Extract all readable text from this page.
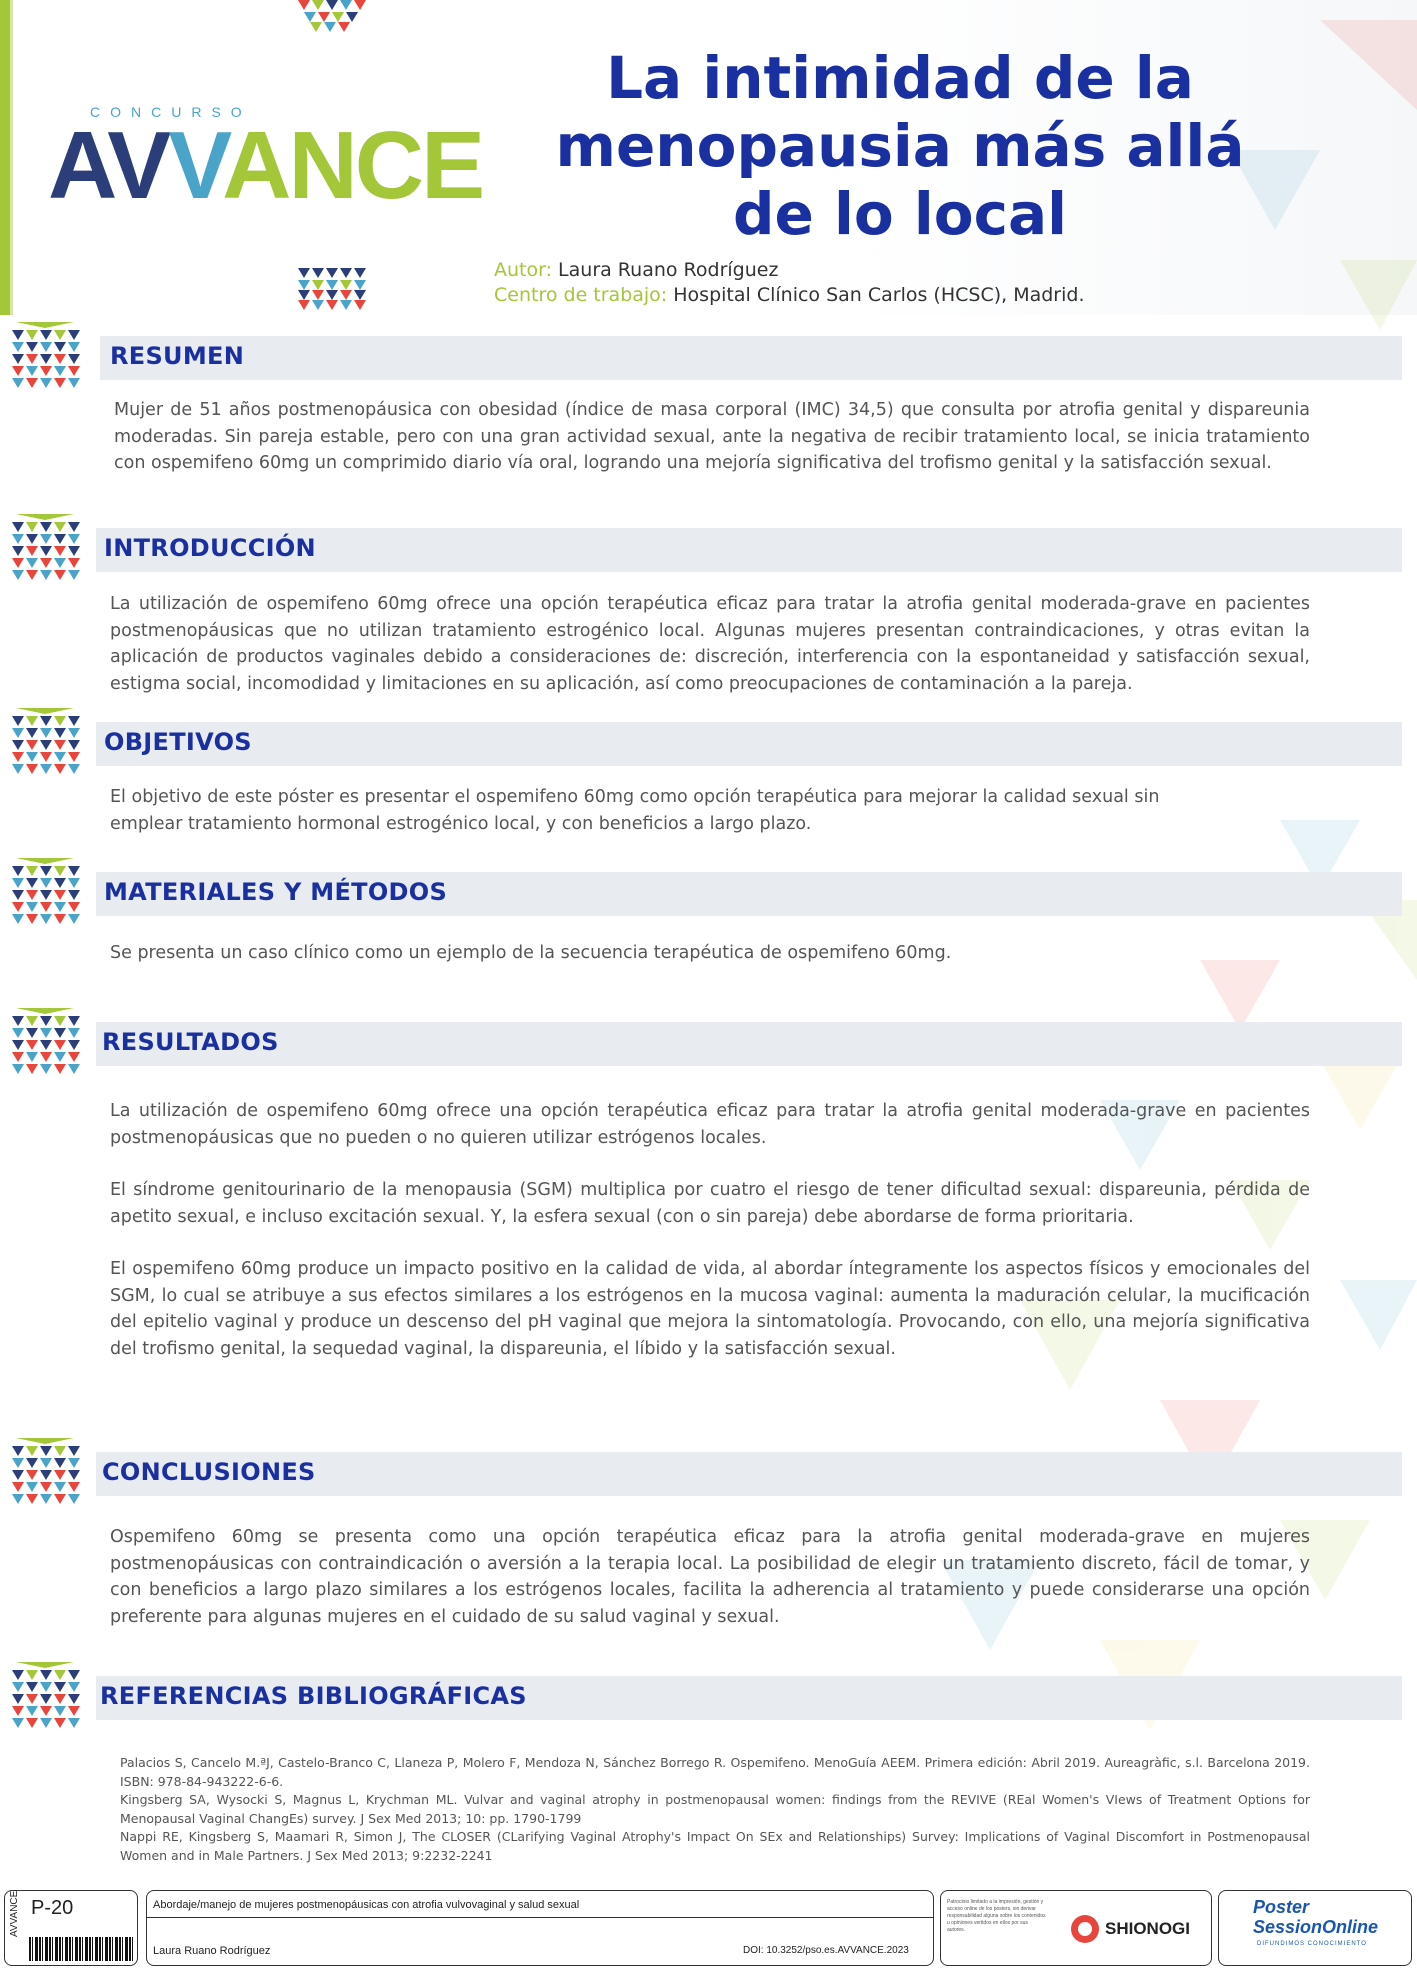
CONCURSO
AVVANCE
La intimidad de la menopausia más allá de lo local
Autor: Laura Ruano Rodríguez
Centro de trabajo: Hospital Clínico San Carlos (HCSC), Madrid.
RESUMEN
Mujer de 51 años postmenopáusica con obesidad (índice de masa corporal (IMC) 34,5) que consulta por atrofia genital y dispareunia moderadas. Sin pareja estable, pero con una gran actividad sexual, ante la negativa de recibir tratamiento local, se inicia tratamiento con ospemifeno 60mg un comprimido diario vía oral, logrando una mejoría significativa del trofismo genital y la satisfacción sexual.
INTRODUCCIÓN
La utilización de ospemifeno 60mg ofrece una opción terapéutica eficaz para tratar la atrofia genital moderada-grave en pacientes postmenopáusicas que no utilizan tratamiento estrogénico local. Algunas mujeres presentan contraindicaciones, y otras evitan la aplicación de productos vaginales debido a consideraciones de: discreción, interferencia con la espontaneidad y satisfacción sexual, estigma social, incomodidad y limitaciones en su aplicación, así como preocupaciones de contaminación a la pareja.
OBJETIVOS
El objetivo de este póster es presentar el ospemifeno 60mg como opción terapéutica para mejorar la calidad sexual sin
emplear tratamiento hormonal estrogénico local, y con beneficios a largo plazo.
MATERIALES Y MÉTODOS
Se presenta un caso clínico como un ejemplo de la secuencia terapéutica de ospemifeno 60mg.
RESULTADOS

La utilización de ospemifeno 60mg ofrece una opción terapéutica eficaz para tratar la atrofia genital moderada-grave en pacientes postmenopáusicas que no pueden o no quieren utilizar estrógenos locales.

El síndrome genitourinario de la menopausia (SGM) multiplica por cuatro el riesgo de tener dificultad sexual: dispareunia, pérdida de apetito sexual, e incluso excitación sexual. Y, la esfera sexual (con o sin pareja) debe abordarse de forma prioritaria.

El ospemifeno 60mg produce un impacto positivo en la calidad de vida, al abordar íntegramente los aspectos físicos y emocionales del SGM, lo cual se atribuye a sus efectos similares a los estrógenos en la mucosa vaginal: aumenta la maduración celular, la mucificación del epitelio vaginal y produce un descenso del pH vaginal que mejora la sintomatología. Provocando, con ello, una mejoría significativa del trofismo genital, la sequedad vaginal, la dispareunia, el líbido y la satisfacción sexual.

CONCLUSIONES
Ospemifeno 60mg se presenta como una opción terapéutica eficaz para la atrofia genital moderada-grave en mujeres postmenopáusicas con contraindicación o aversión a la terapia local. La posibilidad de elegir un tratamiento discreto, fácil de tomar, y con beneficios a largo plazo similares a los estrógenos locales, facilita la adherencia al tratamiento y puede considerarse una opción preferente para algunas mujeres en el cuidado de su salud vaginal y sexual.
REFERENCIAS BIBLIOGRÁFICAS
Palacios S, Cancelo M.ªJ, Castelo-Branco C, Llaneza P, Molero F, Mendoza N, Sánchez Borrego R. Ospemifeno. MenoGuía AEEM. Primera edición: Abril 2019. Aureagràfic, s.l. Barcelona 2019. ISBN: 978-84-943222-6-6.
Kingsberg SA, Wysocki S, Magnus L, Krychman ML. Vulvar and vaginal atrophy in postmenopausal women: findings from the REVIVE (REal Women's VIews of Treatment Options for Menopausal Vaginal ChangEs) survey. J Sex Med 2013; 10: pp. 1790-1799
Nappi RE, Kingsberg S, Maamari R, Simon J, The CLOSER (CLarifying Vaginal Atrophy's Impact On SEx and Relationships) Survey: Implications of Vaginal Discomfort in Postmenopausal Women and in Male Partners. J Sex Med 2013; 9:2232-2241
AVVANCE P-20	Abordaje/manejo de mujeres postmenopáusicas con atrofia vulvovaginal y salud sexual
Laura Ruano Rodríguez	DOI: 10.3252/pso.es.AVVANCE.2023
Patrocinio limitado a la impresión, gestión y acceso online de los posters, sin derivar responsabilidad alguna sobre los contenidos u opiniones vertidos en ellos por sus autores.	SHIONOGI
Poster
SessionOnline
DIFUNDIMOS CONOCIMIENTO
